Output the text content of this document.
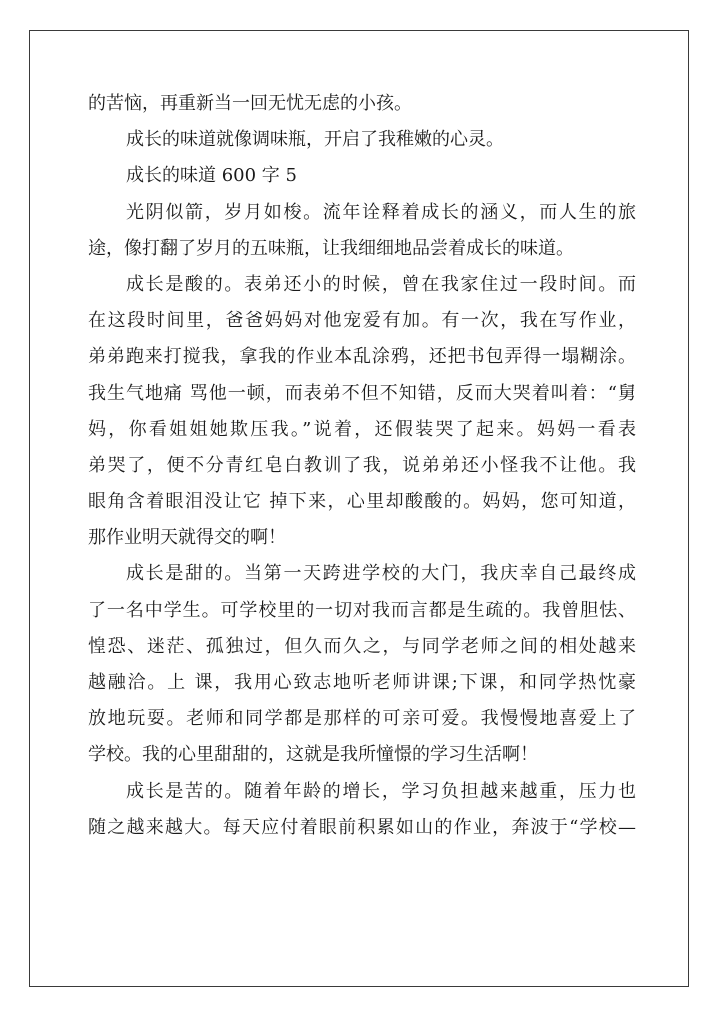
的苦恼，再重新当一回无忧无虑的小孩。
成长的味道就像调味瓶，开启了我稚嫩的心灵。
成长的味道 600 字 5
光阴似箭，岁月如梭。流年诠释着成长的涵义，而人生的旅
途，像打翻了岁月的五味瓶，让我细细地品尝着成长的味道。
成长是酸的。表弟还小的时候，曾在我家住过一段时间。而
在这段时间里，爸爸妈妈对他宠爱有加。有一次，我在写作业，
弟弟跑来打搅我，拿我的作业本乱涂鸦，还把书包弄得一塌糊涂。
我生气地痛 骂他一顿，而表弟不但不知错，反而大哭着叫着：“舅
妈，你看姐姐她欺压我。”说着，还假装哭了起来。妈妈一看表
弟哭了，便不分青红皂白教训了我，说弟弟还小怪我不让他。我
眼角含着眼泪没让它 掉下来，心里却酸酸的。妈妈，您可知道，
那作业明天就得交的啊！
成长是甜的。当第一天跨进学校的大门，我庆幸自己最终成
了一名中学生。可学校里的一切对我而言都是生疏的。我曾胆怯、
惶恐、迷茫、孤独过，但久而久之，与同学老师之间的相处越来
越融洽。上 课，我用心致志地听老师讲课;下课，和同学热忱豪
放地玩耍。老师和同学都是那样的可亲可爱。我慢慢地喜爱上了
学校。我的心里甜甜的，这就是我所憧憬的学习生活啊！
成长是苦的。随着年龄的增长，学习负担越来越重，压力也
随之越来越大。每天应付着眼前积累如山的作业，奔波于“学校—
